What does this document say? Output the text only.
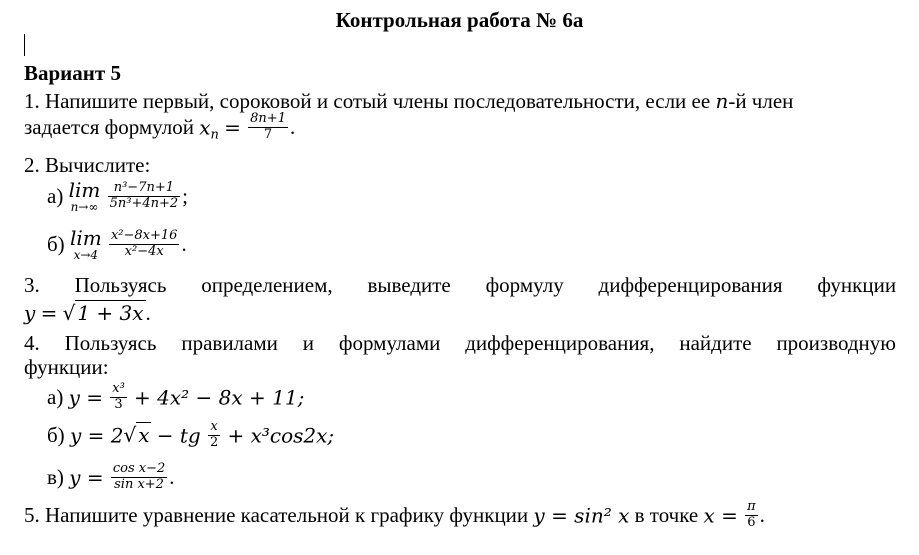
Контрольная работа № 6а
Вариант 5
1. Напишите первый, сороковой и сотый члены последовательности, если ее n-й член
задается формулой $x_n = \frac{8n+1}{7}$ .
2. Вычислите:
а) lim
n→∞
$\frac{\text{n³−7n+1}}{\text{5n³+4n+2}}$ ;
б) lim
x→4
$\frac{\text{x²−8x+16}}{\text{x²−4x}}$ .
3. Пользуясь определением, выведите формулу дифференцирования функции
y = √ 1 + 3x.
4. Пользуясь правилами и формулами дифференцирования, найдите производную
функции:
а) $y = \frac{\text{x³}}{3} + 4x^2 - 8x + 11$;
б) y = 2√ x − tg $\frac{x}{2} + x^3\cos 2x$;
в) $y = \frac{\text{cos x−2}}{\text{sin x+2}}$ .
5. Напишите уравнение касательной к графику функции y = sin² x в точке $x = \frac{\pi}{6}$ .
